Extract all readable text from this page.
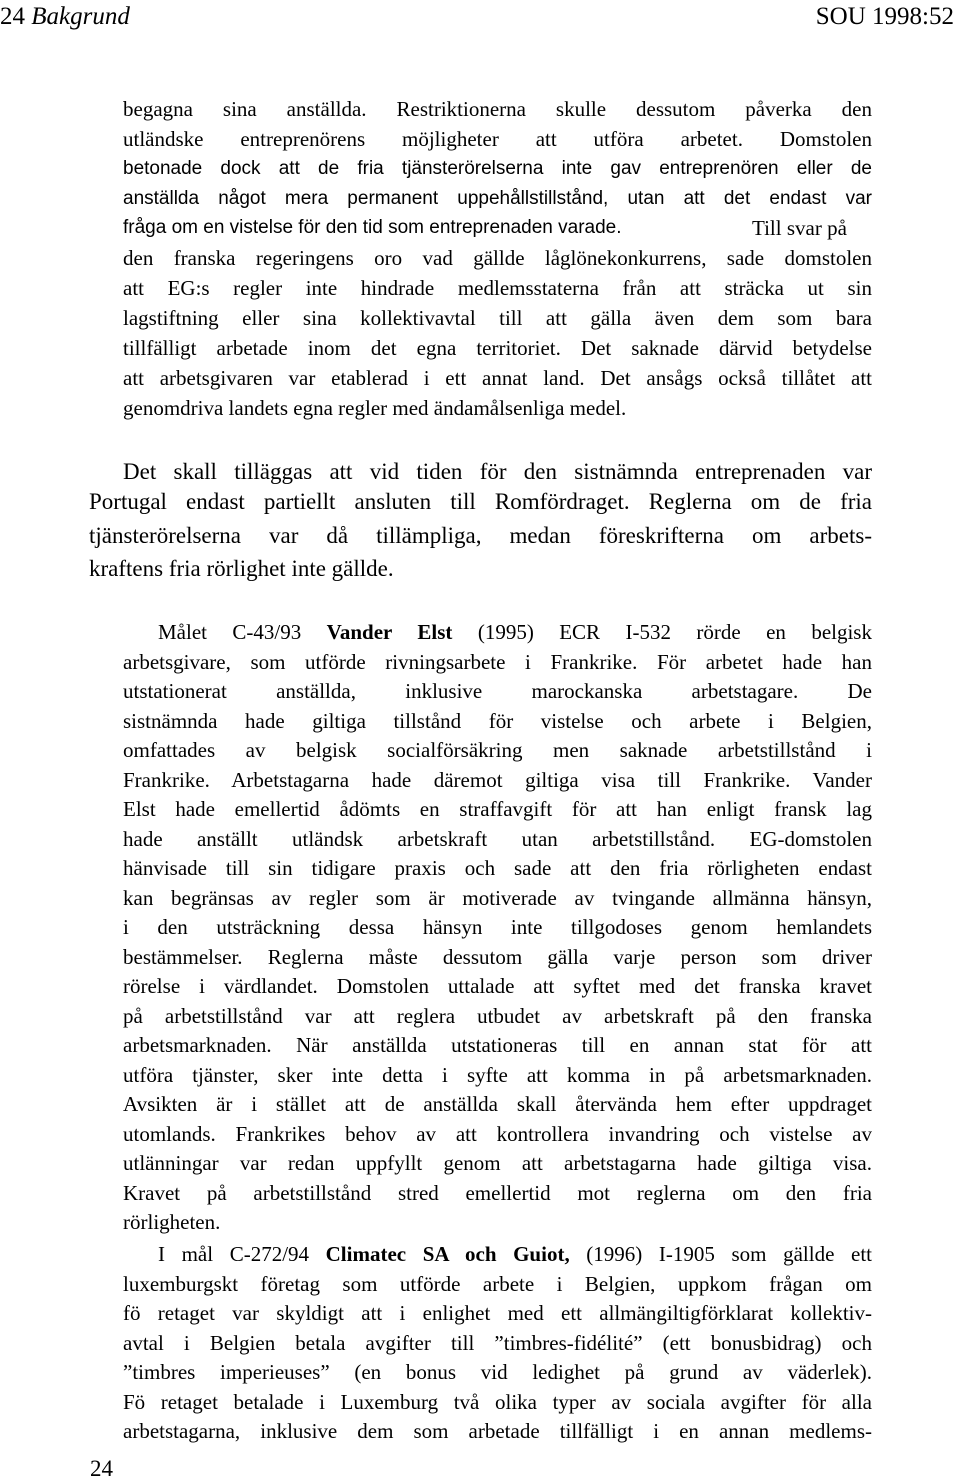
24 Bakgrund	SOU 1998:52
begagna sina anställda. Restriktionerna skulle dessutom påverka den
utländske entreprenörens möjligheter att utföra arbetet. Domstolen
betonade dock att de fria tjänsterörelserna inte gav entreprenören eller de
anställda något mera permanent uppehållstillstånd, utan att det endast var
fråga om en vistelse för den tid som entreprenaden varade.	Till svar på
den franska regeringens oro vad gällde låglönekonkurrens, sade domstolen
att EG:s regler inte hindrade medlemsstaterna från att sträcka ut sin
lagstiftning eller sina kollektivavtal till att gälla även dem som bara
tillfälligt arbetade inom det egna territoriet. Det saknade därvid betydelse
att arbetsgivaren var etablerad i ett annat land. Det ansågs också tillåtet att
genomdriva landets egna regler med ändamålsenliga medel.
Det skall tilläggas att vid tiden för den sistnämnda entreprenaden var
Portugal endast partiellt ansluten till Romfördraget. Reglerna om de fria
tjänsterörelserna var då tillämpliga, medan föreskrifterna om arbets-
kraftens fria rörlighet inte gälldе.
Målet C-43/93 Vander Elst (1995) ECR I-532 rörde en belgisk
arbetsgivare, som utförde rivningsarbete i Frankrike. För arbetet hade han
utstationerat anställda, inklusive marockanska arbetstagare. De
sistnämnda hade giltiga tillstånd för vistelse och arbete i Belgien,
omfattades av belgisk socialförsäkring men saknade arbetstillstånd i
Frankrike. Arbetstagarna hade däremot giltiga visa till Frankrike. Vander
Elst hade emellertid ådömts en straffavgift för att han enligt fransk lag
hade anställt utländsk arbetskraft utan arbetstillstånd. EG-domstolen
hänvisade till sin tidigare praxis och sade att den fria rörligheten endast
kan begränsas av regler som är motiverade av tvingande allmänna hänsyn,
i den utsträckning dessa hänsyn inte tillgodoses genom hemlandets
bestämmelser. Reglerna måste dessutom gälla varje person som driver
rörelse i värdlandet. Domstolen uttalade att syftet med det franska kravet
på arbetstillstånd var att reglera utbudet av arbetskraft på den franska
arbetsmarknaden. När anställda utstationeras till en annan stat för att
utföra tjänster, sker inte detta i syfte att komma in på arbetsmarknaden.
Avsikten är i stället att de anställda skall återvända hem efter uppdraget
utomlands. Frankrikes behov av att kontrollera invandring och vistelse av
utlänningar var redan uppfyllt genom att arbetstagarna hade giltiga visa.
Kravet på arbetstillstånd stred emellertid mot reglerna om den fria
rörligheten.
I mål C-272/94 Climatec SA och Guiot, (1996) I-1905 som gällde ett
luxemburgskt företag som utförde arbete i Belgien, uppkom frågan om
fö retaget var skyldigt att i enlighet med ett allmängiltigförklarat kollektiv-
avtal i Belgien betala avgifter till ”timbres-fidélité” (ett bonusbidrag) och
”timbres imperieuses” (en bonus vid ledighet på grund av väderlek).
Fö retaget betalade i Luxemburg två olika typer av sociala avgifter för alla
arbetstagarna, inklusive dem som arbetade tillfälligt i en annan medlems-
24
